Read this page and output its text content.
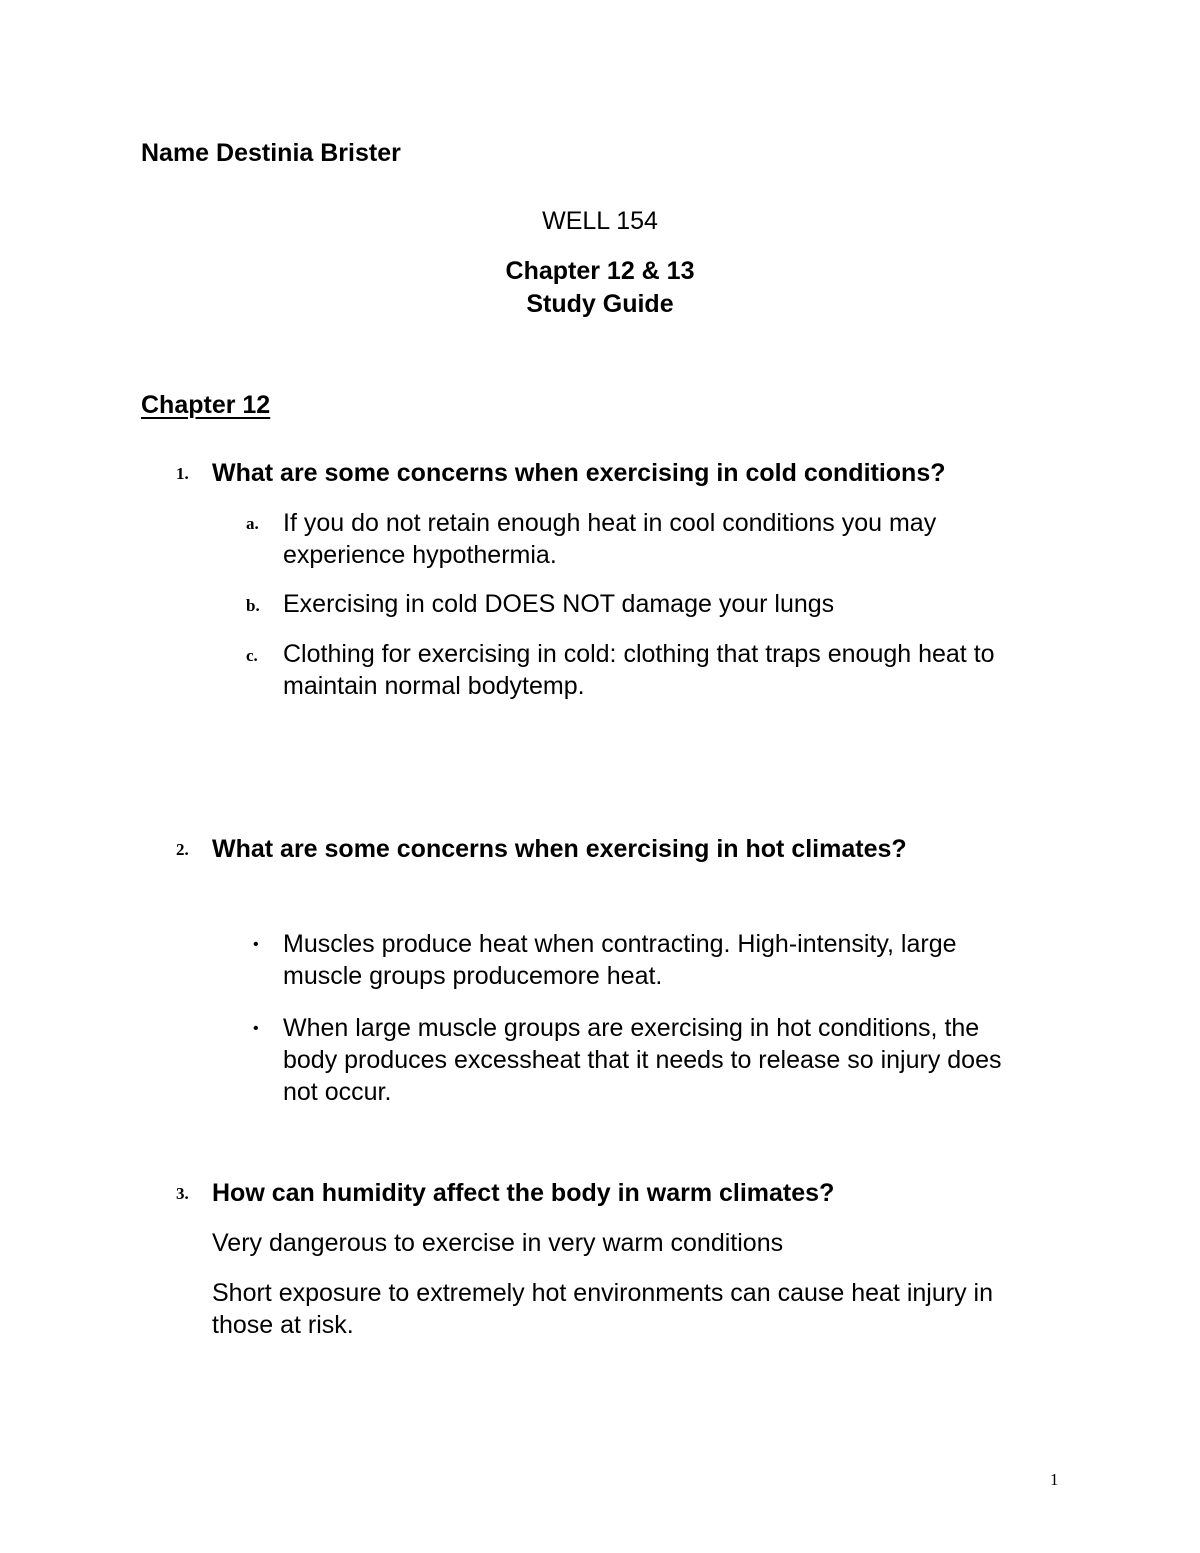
Name Destinia Brister
WELL 154
Chapter 12 & 13
Study Guide
Chapter 12
1. What are some concerns when exercising in cold conditions?
a. If you do not retain enough heat in cool conditions you may experience hypothermia.
b. Exercising in cold DOES NOT damage your lungs
c. Clothing for exercising in cold: clothing that traps enough heat to maintain normal bodytemp.
2. What are some concerns when exercising in hot climates?
• Muscles produce heat when contracting. High-intensity, large muscle groups producemore heat.
• When large muscle groups are exercising in hot conditions, the body produces excessheat that it needs to release so injury does not occur.
3. How can humidity affect the body in warm climates?
Very dangerous to exercise in very warm conditions
Short exposure to extremely hot environments can cause heat injury in those at risk.
1
